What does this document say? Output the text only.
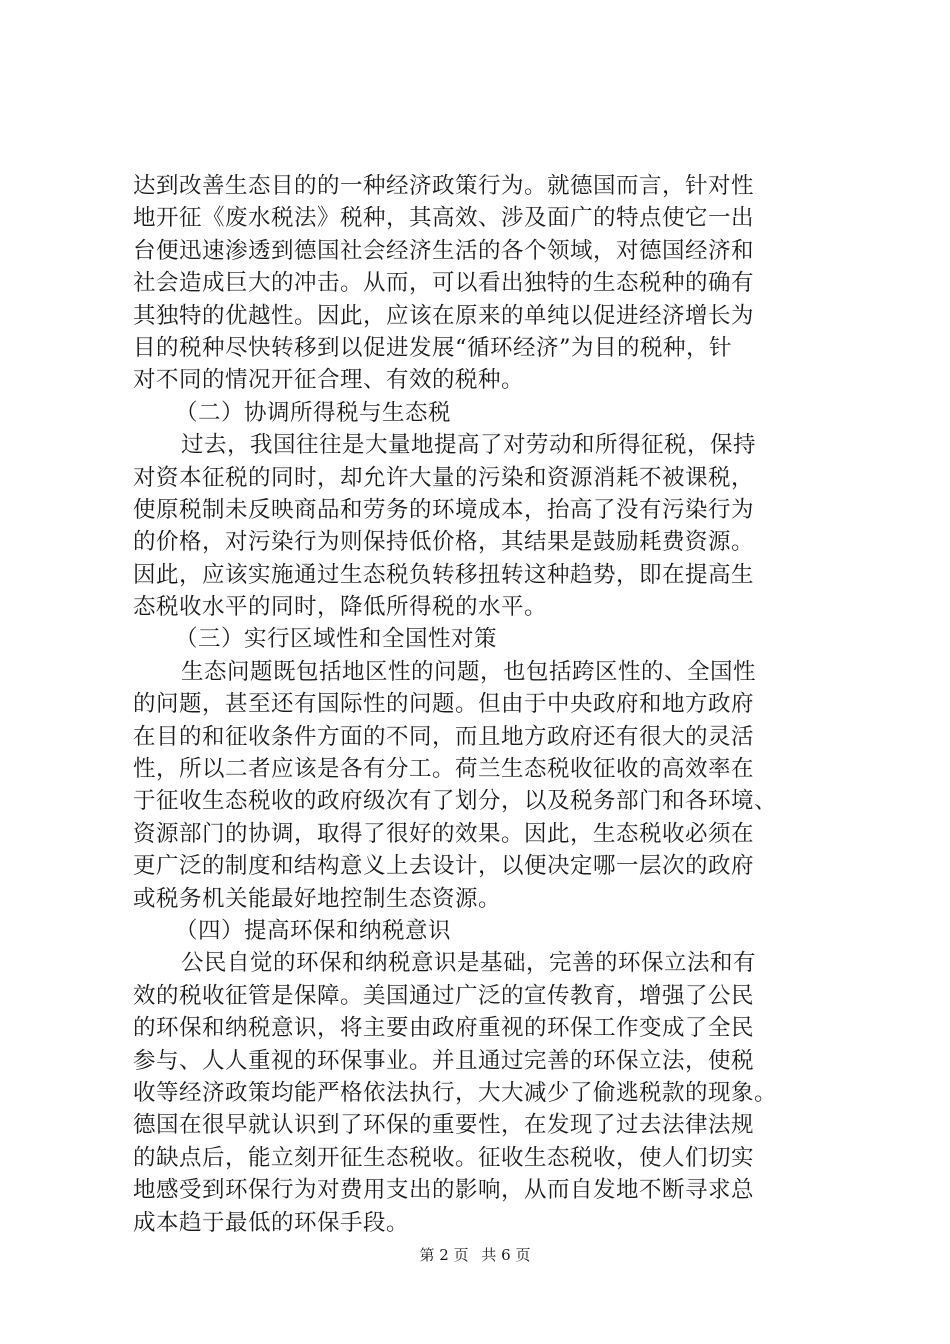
达到改善生态目的的一种经济政策行为。就德国而言，针对性
地开征《废水税法》税种，其高效、涉及面广的特点使它一出
台便迅速渗透到德国社会经济生活的各个领域，对德国经济和
社会造成巨大的冲击。从而，可以看出独特的生态税种的确有
其独特的优越性。因此，应该在原来的单纯以促进经济增长为
目的税种尽快转移到以促进发展“循环经济”为目的税种，针
对不同的情况开征合理、有效的税种。
（二）协调所得税与生态税
过去，我国往往是大量地提高了对劳动和所得征税，保持
对资本征税的同时，却允许大量的污染和资源消耗不被课税，
使原税制未反映商品和劳务的环境成本，抬高了没有污染行为
的价格，对污染行为则保持低价格，其结果是鼓励耗费资源。
因此，应该实施通过生态税负转移扭转这种趋势，即在提高生
态税收水平的同时，降低所得税的水平。
（三）实行区域性和全国性对策
生态问题既包括地区性的问题，也包括跨区性的、全国性
的问题，甚至还有国际性的问题。但由于中央政府和地方政府
在目的和征收条件方面的不同，而且地方政府还有很大的灵活
性，所以二者应该是各有分工。荷兰生态税收征收的高效率在
于征收生态税收的政府级次有了划分，以及税务部门和各环境、
资源部门的协调，取得了很好的效果。因此，生态税收必须在
更广泛的制度和结构意义上去设计，以便决定哪一层次的政府
或税务机关能最好地控制生态资源。
（四）提高环保和纳税意识
公民自觉的环保和纳税意识是基础，完善的环保立法和有
效的税收征管是保障。美国通过广泛的宣传教育，增强了公民
的环保和纳税意识，将主要由政府重视的环保工作变成了全民
参与、人人重视的环保事业。并且通过完善的环保立法，使税
收等经济政策均能严格依法执行，大大减少了偷逃税款的现象。
德国在很早就认识到了环保的重要性，在发现了过去法律法规
的缺点后，能立刻开征生态税收。征收生态税收，使人们切实
地感受到环保行为对费用支出的影响，从而自发地不断寻求总
成本趋于最低的环保手段。
第 2 页 共 6 页
